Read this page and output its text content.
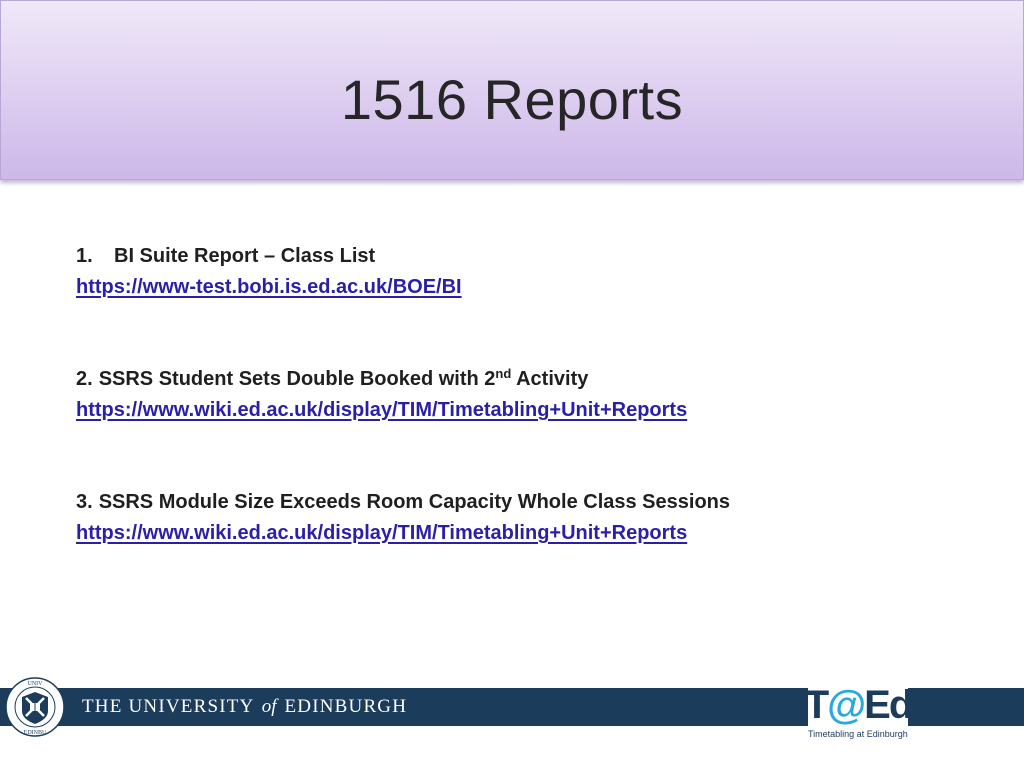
1516 Reports
1. BI Suite Report – Class List
https://www-test.bobi.is.ed.ac.uk/BOE/BI
2. SSRS Student Sets Double Booked with 2nd Activity
https://www.wiki.ed.ac.uk/display/TIM/Timetabling+Unit+Reports
3. SSRS Module Size Exceeds Room Capacity Whole Class Sessions
https://www.wiki.ed.ac.uk/display/TIM/Timetabling+Unit+Reports
UNIV
EDINBU
THE UNIVERSITY of EDINBURGH	T@Ed
Timetabling at Edinburgh
